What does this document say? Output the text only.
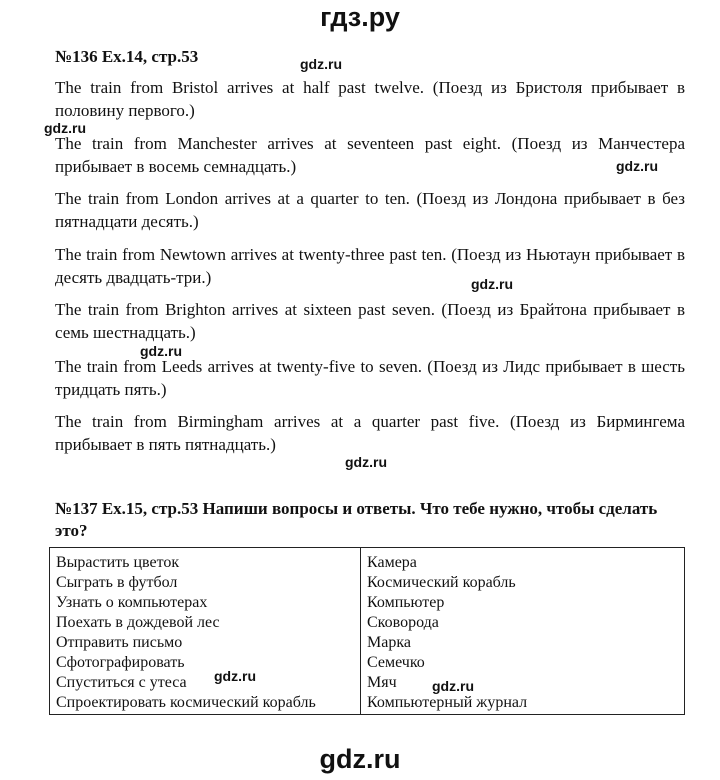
гдз.ру
№136 Ex.14, стр.53
The train from Bristol arrives at half past twelve. (Поезд из Бристоля прибывает в половину первого.)
The train from Manchester arrives at seventeen past eight. (Поезд из Манчестера прибывает в восемь семнадцать.)
The train from London arrives at a quarter to ten. (Поезд из Лондона прибывает в без пятнадцати десять.)
The train from Newtown arrives at twenty-three past ten. (Поезд из Ньютаун прибывает в десять двадцать-три.)
The train from Brighton arrives at sixteen past seven. (Поезд из Брайтона прибывает в семь шестнадцать.)
The train from Leeds arrives at twenty-five to seven. (Поезд из Лидс прибывает в шесть тридцать пять.)
The train from Birmingham arrives at a quarter past five. (Поезд из Бирмингема прибывает в пять пятнадцать.)
№137 Ex.15, стр.53 Напиши вопросы и ответы. Что тебе нужно, чтобы сделать это?
Вырастить цветок	Камера
Сыграть в футбол	Космический корабль
Узнать о компьютерах	Компьютер
Поехать в дождевой лес	Сковорода
Отправить письмо	Марка
Сфотографировать	Семечко
Спуститься с утеса	Мяч
Спроектировать космический корабль	Компьютерный журнал
gdz.ru
gdz.ru
gdz.ru
gdz.ru
gdz.ru
gdz.ru
gdz.ru
gdz.ru
gdz.ru
